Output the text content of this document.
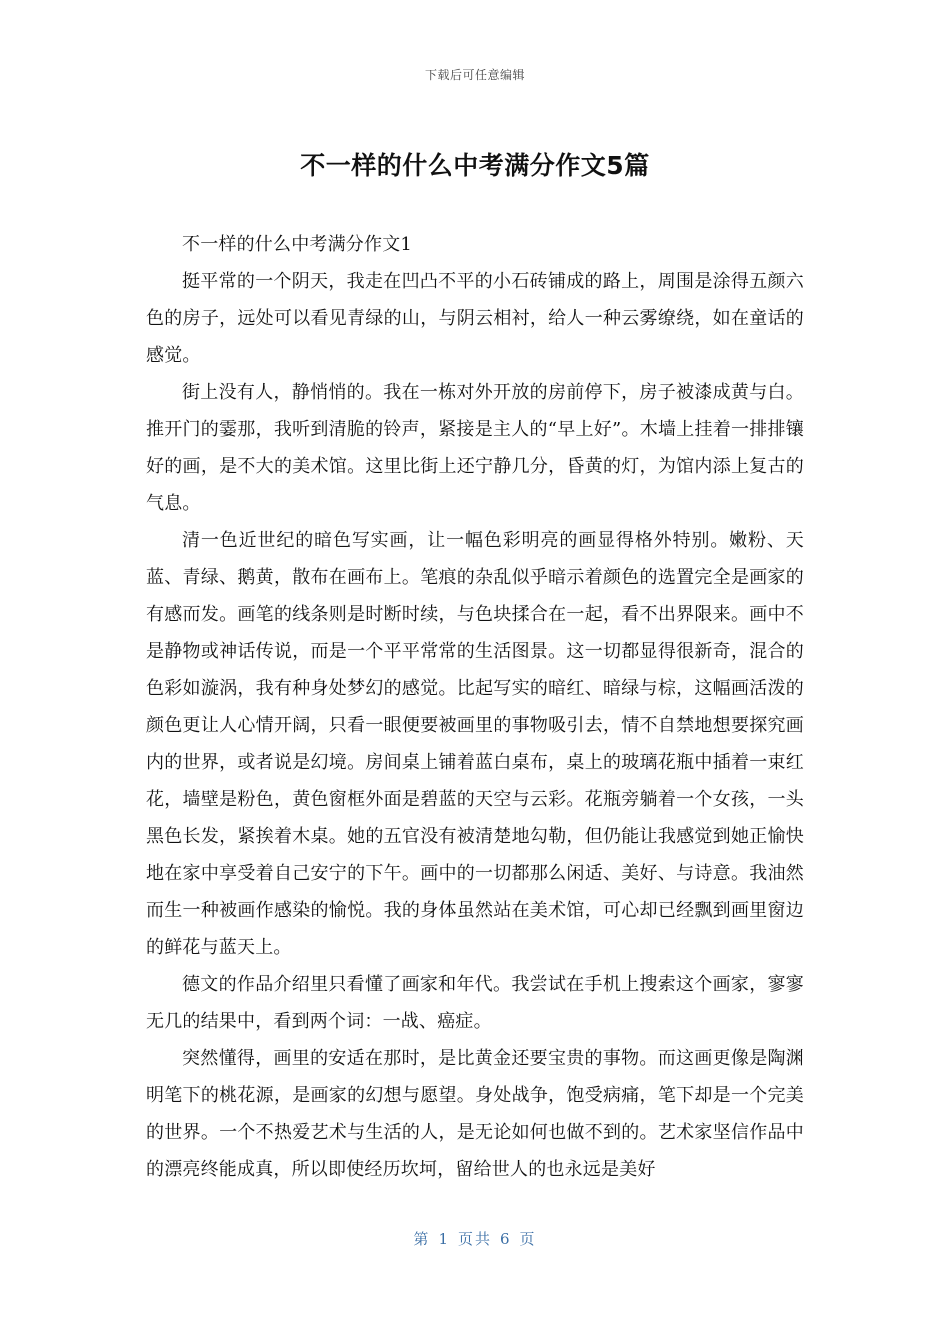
下载后可任意编辑
不一样的什么中考满分作文5篇

不一样的什么中考满分作文1

挺平常的一个阴天，我走在凹凸不平的小石砖铺成的路上，周围是涂得五颜六色的房子，远处可以看见青绿的山，与阴云相衬，给人一种云雾缭绕，如在童话的感觉。

街上没有人，静悄悄的。我在一栋对外开放的房前停下，房子被漆成黄与白。推开门的霎那，我听到清脆的铃声，紧接是主人的“早上好”。木墙上挂着一排排镶好的画，是不大的美术馆。这里比街上还宁静几分，昏黄的灯，为馆内添上复古的气息。

清一色近世纪的暗色写实画，让一幅色彩明亮的画显得格外特别。嫩粉、天蓝、青绿、鹅黄，散布在画布上。笔痕的杂乱似乎暗示着颜色的选置完全是画家的有感而发。画笔的线条则是时断时续，与色块揉合在一起，看不出界限来。画中不是静物或神话传说，而是一个平平常常的生活图景。这一切都显得很新奇，混合的色彩如漩涡，我有种身处梦幻的感觉。比起写实的暗红、暗绿与棕，这幅画活泼的颜色更让人心情开阔，只看一眼便要被画里的事物吸引去，情不自禁地想要探究画内的世界，或者说是幻境。房间桌上铺着蓝白桌布，桌上的玻璃花瓶中插着一束红花，墙壁是粉色，黄色窗框外面是碧蓝的天空与云彩。花瓶旁躺着一个女孩，一头黑色长发，紧挨着木桌。她的五官没有被清楚地勾勒，但仍能让我感觉到她正愉快地在家中享受着自己安宁的下午。画中的一切都那么闲适、美好、与诗意。我油然而生一种被画作感染的愉悦。我的身体虽然站在美术馆，可心却已经飘到画里窗边的鲜花与蓝天上。

德文的作品介绍里只看懂了画家和年代。我尝试在手机上搜索这个画家，寥寥无几的结果中，看到两个词：一战、癌症。

突然懂得，画里的安适在那时，是比黄金还要宝贵的事物。而这画更像是陶渊明笔下的桃花源，是画家的幻想与愿望。身处战争，饱受病痛，笔下却是一个完美的世界。一个不热爱艺术与生活的人，是无论如何也做不到的。艺术家坚信作品中的漂亮终能成真，所以即使经历坎坷，留给世人的也永远是美好

第 1 页共 6 页
